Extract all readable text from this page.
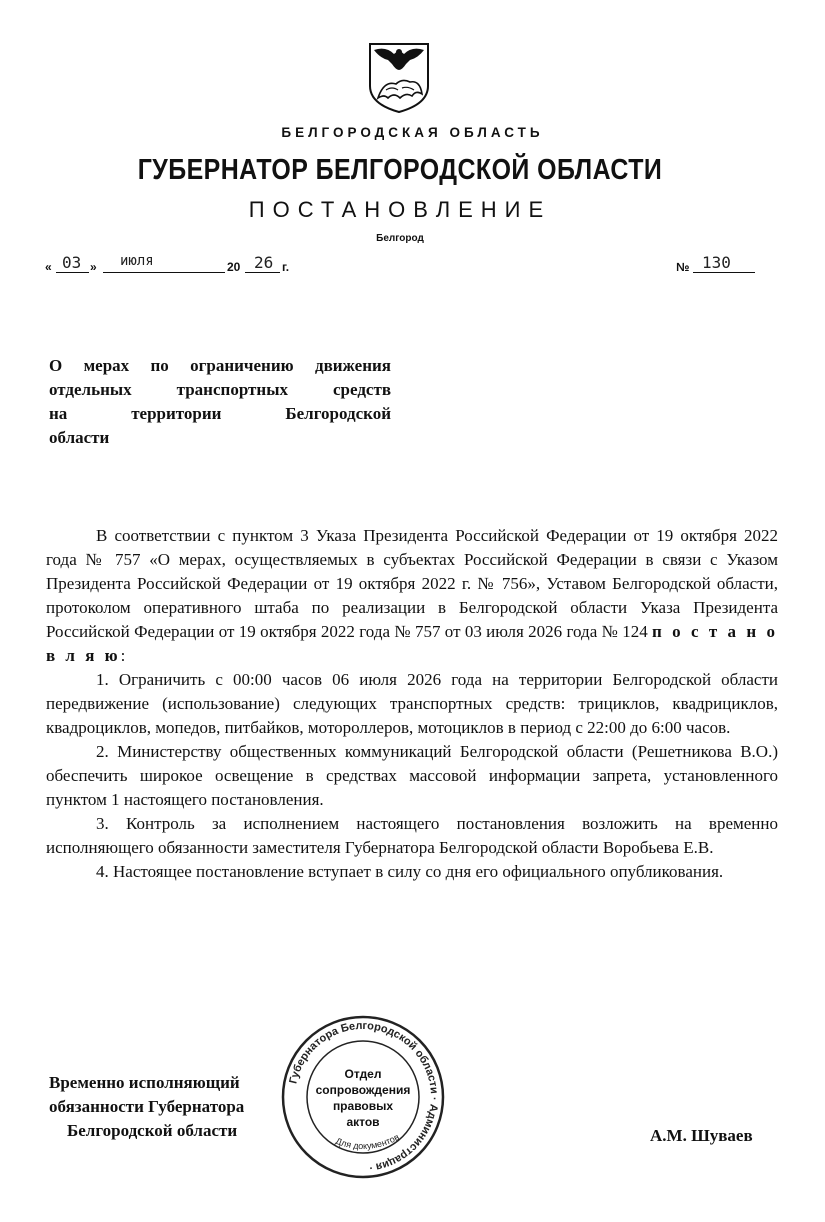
БЕЛГОРОДСКАЯ ОБЛАСТЬ
ГУБЕРНАТОР БЕЛГОРОДСКОЙ ОБЛАСТИ
ПОСТАНОВЛЕНИЕ
Белгород
« 03 » июля	20 26 г.	№ 130
О мерах по ограничению движения
отдельных транспортных средств
на территории Белгородской
области

В соответствии с пунктом 3 Указа Президента Российской Федерации от 19 октября 2022 года № 757 «О мерах, осуществляемых в субъектах Российской Федерации в связи с Указом Президента Российской Федерации от 19 октября 2022 г. № 756», Уставом Белгородской области, протоколом оперативного штаба по реализации в Белгородской области Указа Президента Российской Федерации от 19 октября 2022 года № 757 от 03 июля 2026 года № 124 п о с т а н о в л я ю:

1. Ограничить с 00:00 часов 06 июля 2026 года на территории Белгородской области передвижение (использование) следующих транспортных средств: трициклов, квадрициклов, квадроциклов, мопедов, питбайков, мотороллеров, мотоциклов в период с 22:00 до 6:00 часов.

2. Министерству общественных коммуникаций Белгородской области (Решетникова В.О.) обеспечить широкое освещение в средствах массовой информации запрета, установленного пунктом 1 настоящего постановления.

3. Контроль за исполнением настоящего постановления возложить на временно исполняющего обязанности заместителя Губернатора Белгородской области Воробьева Е.В.

4. Настоящее постановление вступает в силу со дня его официального опубликования.

Временно исполняющий
обязанности Губернатора
Белгородской области	А.М. Шуваев
Губернатора Белгородской области · Администрация ·
Для документов
Отдел
сопровождения
правовых
актов
